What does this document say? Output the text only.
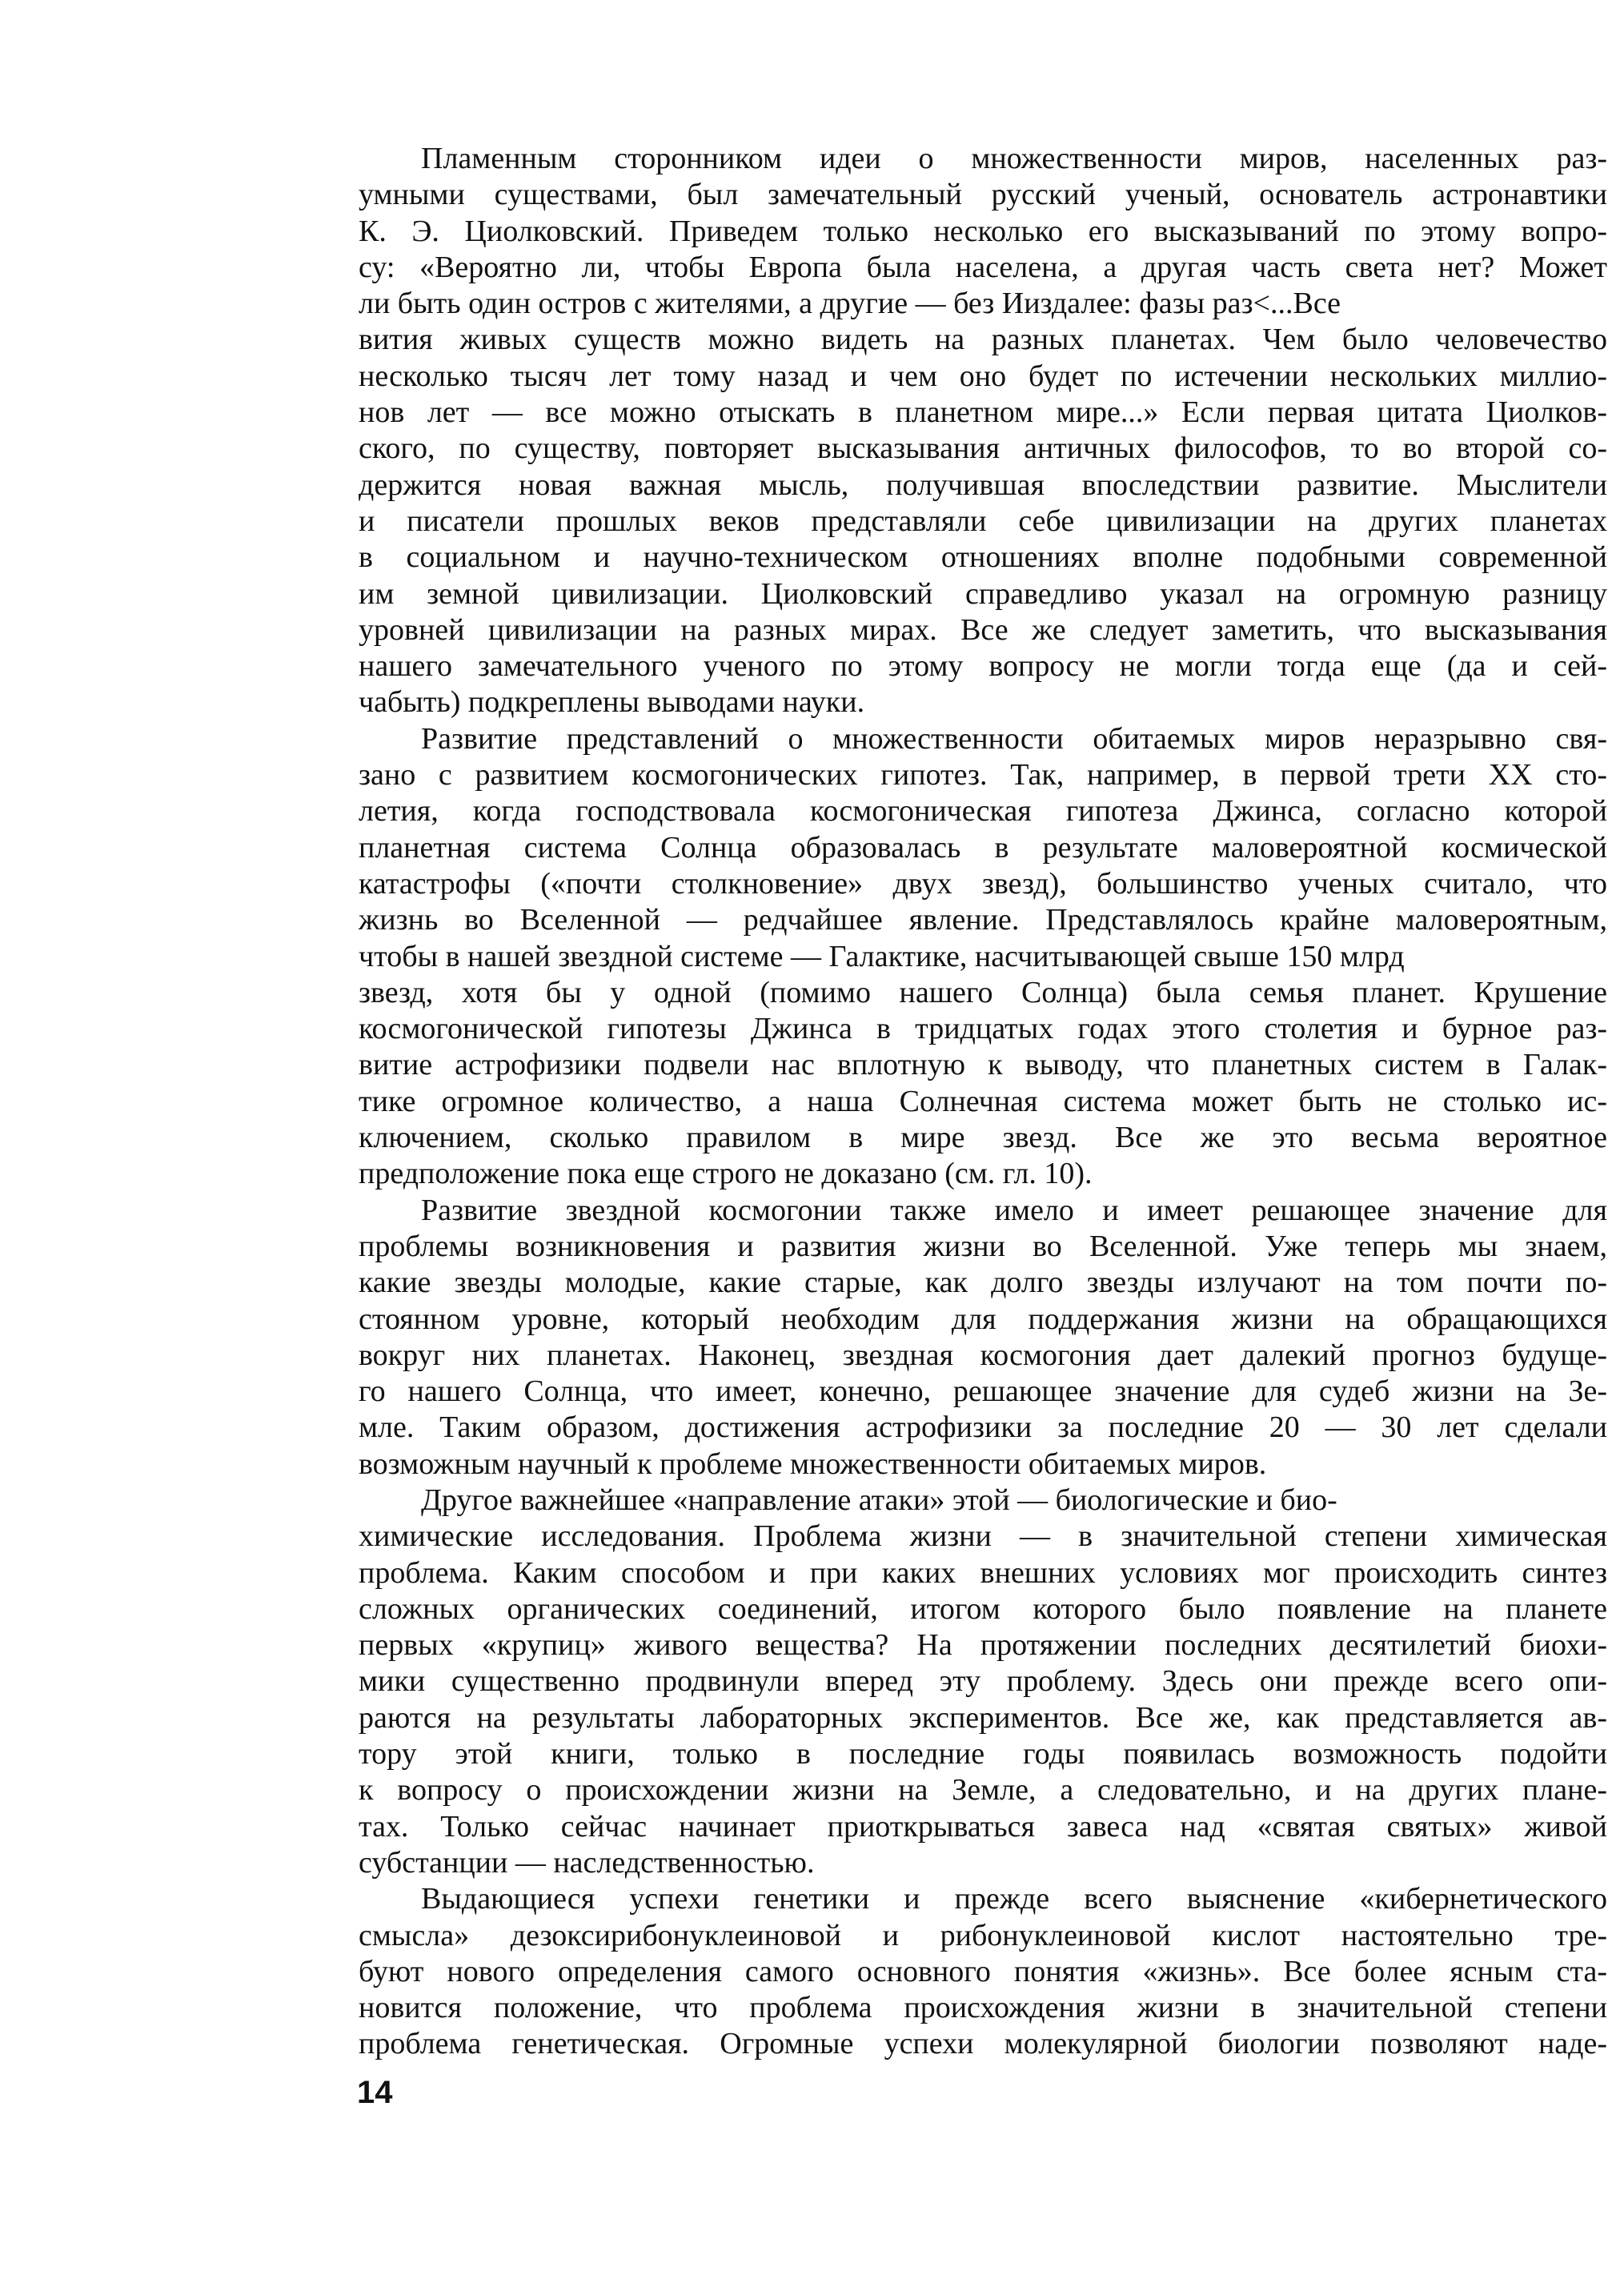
Пламенным сторонником идеи о множественности миров, населенных раз-
умными существами, был замечательный русский ученый, основатель астронавтики
К. Э. Циолковский. Приведем только несколько его высказываний по этому вопро-
су: «Вероятно ли, чтобы Европа была населена, а другая часть света нет? Может
ли быть один остров с жителями, а другие — без Ииздалее: фазы раз<...Все
вития живых существ можно видеть на разных планетах. Чем было человечество
несколько тысяч лет тому назад и чем оно будет по истечении нескольких миллио-
нов лет — все можно отыскать в планетном мире...» Если первая цитата Циолков-
ского, по существу, повторяет высказывания античных философов, то во второй со-
держится новая важная мысль, получившая впоследствии развитие. Мыслители
и писатели прошлых веков представляли себе цивилизации на других планетах
в социальном и научно-техническом отношениях вполне подобными современной
им земной цивилизации. Циолковский справедливо указал на огромную разницу
уровней цивилизации на разных мирах. Все же следует заметить, что высказывания
нашего замечательного ученого по этому вопросу не могли тогда еще (да и сей-
чабыть) подкреплены выводами науки.
Развитие представлений о множественности обитаемых миров неразрывно свя-
зано с развитием космогонических гипотез. Так, например, в первой трети XX сто-
летия, когда господствовала космогоническая гипотеза Джинса, согласно которой
планетная система Солнца образовалась в результате маловероятной космической
катастрофы («почти столкновение» двух звезд), большинство ученых считало, что
жизнь во Вселенной — редчайшее явление. Представлялось крайне маловероятным,
чтобы в нашей звездной системе — Галактике, насчитывающей свыше 150 млрд
звезд, хотя бы у одной (помимо нашего Солнца) была семья планет. Крушение
космогонической гипотезы Джинса в тридцатых годах этого столетия и бурное раз-
витие астрофизики подвели нас вплотную к выводу, что планетных систем в Галак-
тике огромное количество, а наша Солнечная система может быть не столько ис-
ключением, сколько правилом в мире звезд. Все же это весьма вероятное
предположение пока еще строго не доказано (см. гл. 10).
Развитие звездной космогонии также имело и имеет решающее значение для
проблемы возникновения и развития жизни во Вселенной. Уже теперь мы знаем,
какие звезды молодые, какие старые, как долго звезды излучают на том почти по-
стоянном уровне, который необходим для поддержания жизни на обращающихся
вокруг них планетах. Наконец, звездная космогония дает далекий прогноз будуще-
го нашего Солнца, что имеет, конечно, решающее значение для судеб жизни на Зе-
мле. Таким образом, достижения астрофизики за последние 20 — 30 лет сделали
возможным научный к проблеме множественности обитаемых миров.
Другое важнейшее «направление атаки» этой — биологические и био-
химические исследования. Проблема жизни — в значительной степени химическая
проблема. Каким способом и при каких внешних условиях мог происходить синтез
сложных органических соединений, итогом которого было появление на планете
первых «крупиц» живого вещества? На протяжении последних десятилетий биохи-
мики существенно продвинули вперед эту проблему. Здесь они прежде всего опи-
раются на результаты лабораторных экспериментов. Все же, как представляется ав-
тору этой книги, только в последние годы появилась возможность подойти
к вопросу о происхождении жизни на Земле, а следовательно, и на других плане-
тах. Только сейчас начинает приоткрываться завеса над «святая святых» живой
субстанции — наследственностью.
Выдающиеся успехи генетики и прежде всего выяснение «кибернетического
смысла» дезоксирибонуклеиновой и рибонуклеиновой кислот настоятельно тре-
буют нового определения самого основного понятия «жизнь». Все более ясным ста-
новится положение, что проблема происхождения жизни в значительной степени
проблема генетическая. Огромные успехи молекулярной биологии позволяют наде-
14
